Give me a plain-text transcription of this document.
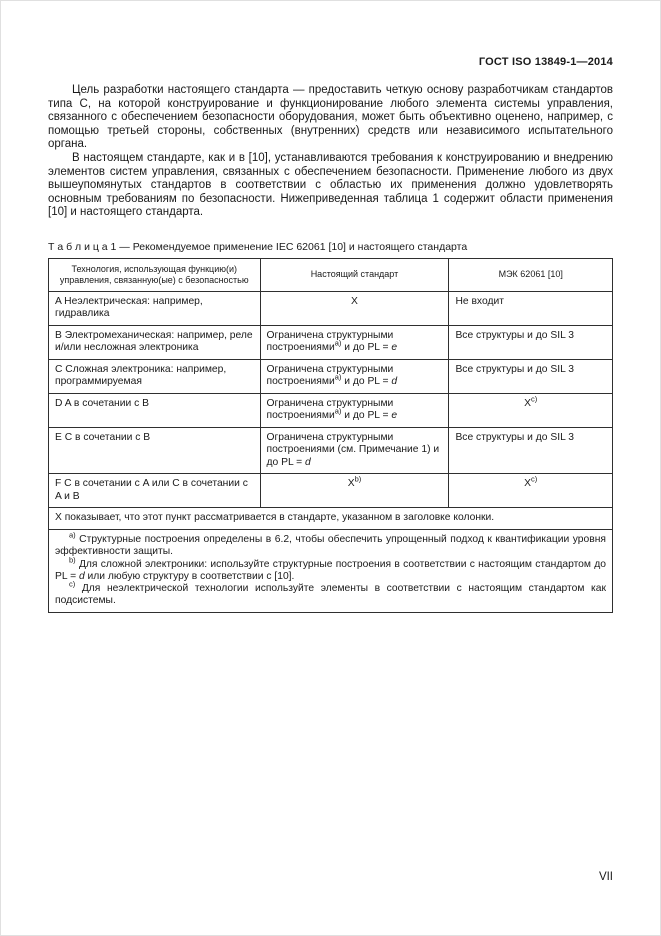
ГОСТ ISO 13849-1—2014

Цель разработки настоящего стандарта — предоставить четкую основу разработчикам стандартов типа С, на которой конструирование и функционирование любого элемента системы управления, связанного с обеспечением безопасности оборудования, может быть объективно оценено, например, с помощью третьей стороны, собственных (внутренних) средств или независимого испытательного органа.

В настоящем стандарте, как и в [10], устанавливаются требования к конструированию и внедрению элементов систем управления, связанных с обеспечением безопасности. Применение любого из двух вышеупомянутых стандартов в соответствии с областью их применения должно удовлетворять основным требованиям по безопасности. Нижеприведенная таблица 1 содержит области применения [10] и настоящего стандарта.

Т а б л и ц а 1 — Рекомендуемое применение IEC 62061 [10] и настоящего стандарта
Технология, использующая функцию(и) управления, связанную(ые) с безопасностью	Настоящий стандарт	МЭК 62061 [10]
A Неэлектрическая: например, гидравлика	X	Не входит
B Электромеханическая: например, реле и/или несложная электроника	Ограничена структурными построениями$^{a)}$ и до PL = e	Все структуры и до SIL 3
C Сложная электроника: например, программируемая	Ограничена структурными построениями$^{a)}$ и до PL = d	Все структуры и до SIL 3
D A в сочетании с B	Ограничена структурными построениями$^{a)}$ и до PL = e	$X^{c)}$
E C в сочетании с B	Ограничена структурными построениями (см. Примечание 1) и до PL = d	Все структуры и до SIL 3
F C в сочетании с A или C в сочетании с A и B	$X^{b)}$	$X^{c)}$
X показывает, что этот пункт рассматривается в стандарте, указанном в заголовке колонки.		

$^{a)}$ Структурные построения определены в 6.2, чтобы обеспечить упрощенный подход к квантификации уровня эффективности защиты.

$^{b)}$ Для сложной электроники: используйте структурные построения в соответствии с настоящим стандартом до PL = d или любую структуру в соответствии с [10].

$^{c)}$ Для неэлектрической технологии используйте элементы в соответствии с настоящим стандартом как подсистемы.		

VII
